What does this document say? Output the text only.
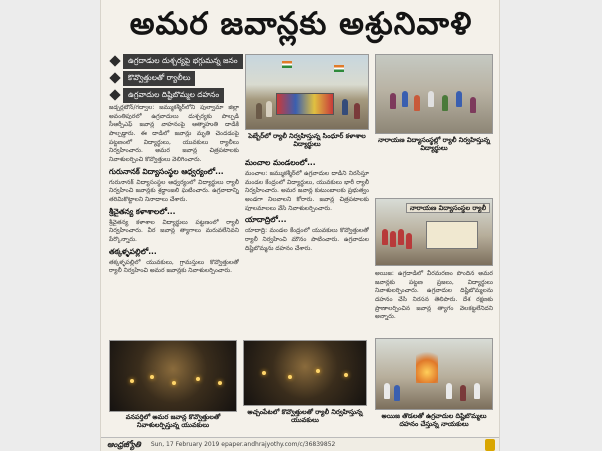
అమర జవాన్లకు అశ్రునివాళి
ఉగ్రదాడుల దుశ్చర్యపై భగ్గుమన్న జనం
కొవ్వొత్తులతో ర్యాలీలు
ఉగ్రవాదుల దిష్టిబొమ్మల దహనం

జడ్చర్లటౌన్/గద్వాల: జమ్ముకశ్మీర్‌లోని పుల్వామా జిల్లా అవంతిపురలో ఉగ్రవాదులు దుశ్చర్యకు పాల్పడి సీఆర్పీఎఫ్ జవాన్ల వాహనంపై ఆత్మాహుతి దాడికి పాల్పడ్డారు. ఈ దాడిలో జవాన్లు మృతి చెందడంపై పట్టణంలో విద్యార్థులు, యువకులు ర్యాలీలు నిర్వహించారు. అమర జవాన్ల చిత్రపటాలకు నివాళులర్పించి కొవ్వొత్తులు వెలిగించారు.

గురునానక్ విద్యాసంస్థల ఆధ్వర్యంలో...

గురునానక్ విద్యాసంస్థల ఆధ్వర్యంలో విద్యార్థులు ర్యాలీ నిర్వహించి జవాన్లకు శ్రద్ధాంజలి ఘటించారు. ఉగ్రవాదాన్ని తరిమికొట్టాలని నినాదాలు చేశారు.

శ్రీచైతన్య కళాశాలలో...

శ్రీచైతన్య కళాశాల విద్యార్థులు పట్టణంలో ర్యాలీ నిర్వహించారు. వీర జవాన్ల త్యాగాలు మరువలేనివని పేర్కొన్నారు.

తక్కళ్ళపల్లిలో...

తక్కళ్ళపల్లిలో యువకులు, గ్రామస్తులు కొవ్వొత్తులతో ర్యాలీ నిర్వహించి అమర జవాన్లకు నివాళులర్పించారు.

పెబ్బేర్‌లో ర్యాలీ నిర్వహిస్తున్న సింధూర్ కళాశాల విద్యార్థులు
మంచాల మండలంలో...

మంచాల: జమ్ముకశ్మీర్‌లో ఉగ్రవాదుల దాడిని నిరసిస్తూ మండల కేంద్రంలో విద్యార్థులు, యువకులు భారీ ర్యాలీ నిర్వహించారు. అమర జవాన్ల కుటుంబాలకు ప్రభుత్వం అండగా నిలవాలని కోరారు. జవాన్ల చిత్రపటాలకు పూలమాలలు వేసి నివాళులర్పించారు.

యాదాద్రిలో...

యాదాద్రి: మండల కేంద్రంలో యువకులు కొవ్వొత్తులతో ర్యాలీ నిర్వహించి మౌనం పాటించారు. ఉగ్రవాదుల దిష్టిబొమ్మను దహనం చేశారు.

నారాయణ విద్యాసంస్థల్లో ర్యాలీ నిర్వహిస్తున్న విద్యార్థులు
నారాయణ విద్యాసంస్థల ర్యాలీ

అయిజ: ఉగ్రదాడిలో వీరమరణం పొందిన అమర జవాన్లకు పట్టణ ప్రజలు, విద్యార్థులు నివాళులర్పించారు. ఉగ్రవాదుల దిష్టిబొమ్మలను దహనం చేసి నిరసన తెలిపారు. దేశ రక్షణకు ప్రాణాలర్పించిన జవాన్ల త్యాగం వెలకట్టలేనిదని అన్నారు.

వనపర్తిలో అమర జవాన్ల కొవ్వొత్తులతో నివాళులర్పిస్తున్న యువకులు
అచ్చంపేటలో కొవ్వొత్తులతో ర్యాలీ నిర్వహిస్తున్న యువకులు
అయిజ తొడలతో ఉగ్రవాదుల దిష్టిబొమ్మలు దహనం చేస్తున్న నాయకులు
ఆంధ్రజ్యోతి Sun, 17 February 2019 epaper.andhrajyothy.com/c/36839852
